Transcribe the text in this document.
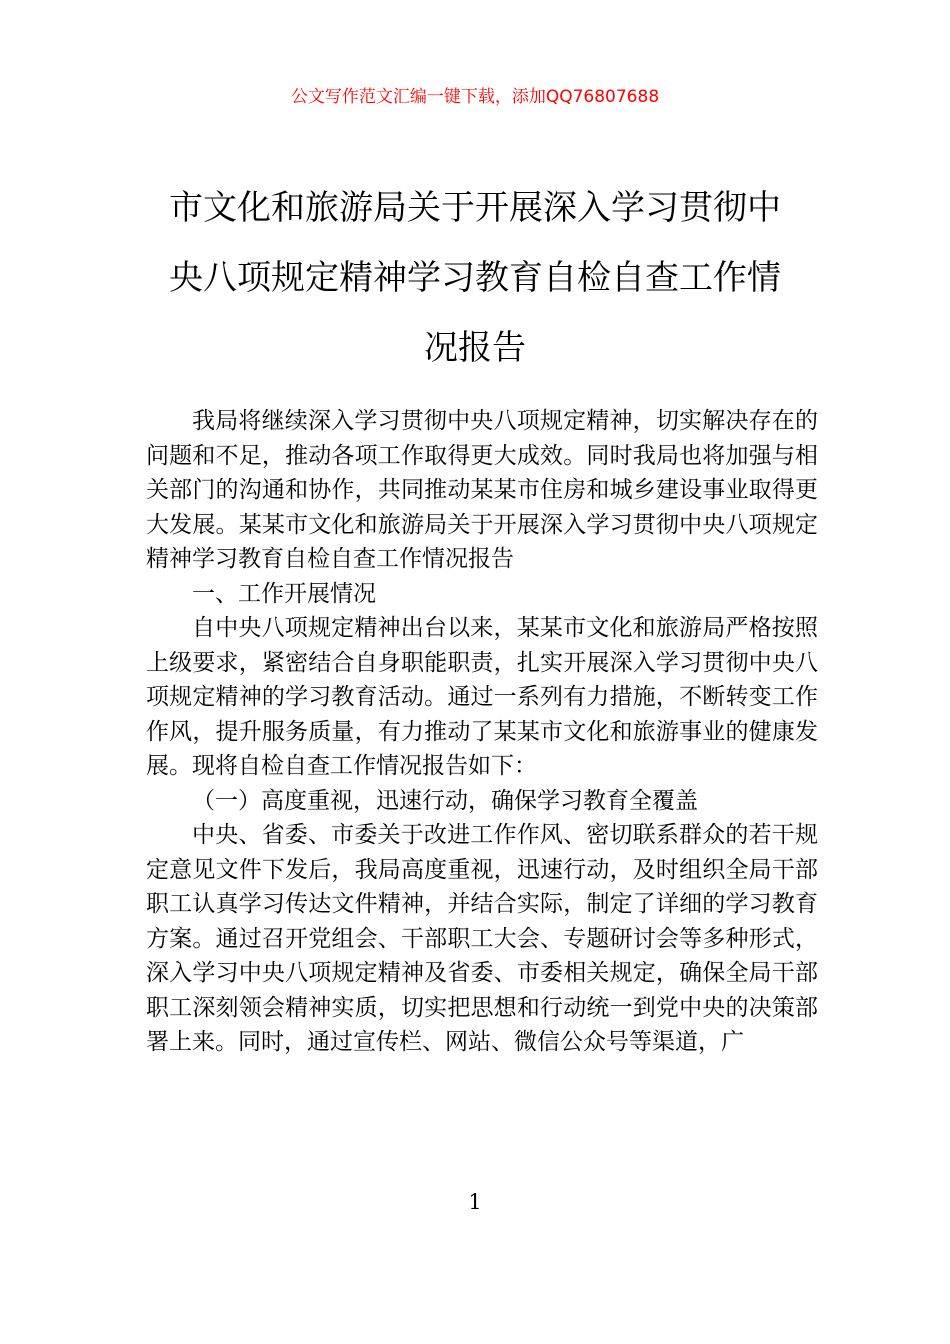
公文写作范文汇编一键下载，添加QQ76807688
市文化和旅游局关于开展深入学习贯彻中
央八项规定精神学习教育自检自查工作情
况报告

我局将继续深入学习贯彻中央八项规定精神，切实解决存在的问题和不足，推动各项工作取得更大成效。同时我局也将加强与相关部门的沟通和协作，共同推动某某市住房和城乡建设事业取得更大发展。某某市文化和旅游局关于开展深入学习贯彻中央八项规定精神学习教育自检自查工作情况报告

一、工作开展情况

自中央八项规定精神出台以来，某某市文化和旅游局严格按照上级要求，紧密结合自身职能职责，扎实开展深入学习贯彻中央八项规定精神的学习教育活动。通过一系列有力措施，不断转变工作作风，提升服务质量，有力推动了某某市文化和旅游事业的健康发展。现将自检自查工作情况报告如下：

（一）高度重视，迅速行动，确保学习教育全覆盖

中央、省委、市委关于改进工作作风、密切联系群众的若干规定意见文件下发后，我局高度重视，迅速行动，及时组织全局干部职工认真学习传达文件精神，并结合实际，制定了详细的学习教育方案。通过召开党组会、干部职工大会、专题研讨会等多种形式，深入学习中央八项规定精神及省委、市委相关规定，确保全局干部职工深刻领会精神实质，切实把思想和行动统一到党中央的决策部署上来。同时，通过宣传栏、网站、微信公众号等渠道，广

1
